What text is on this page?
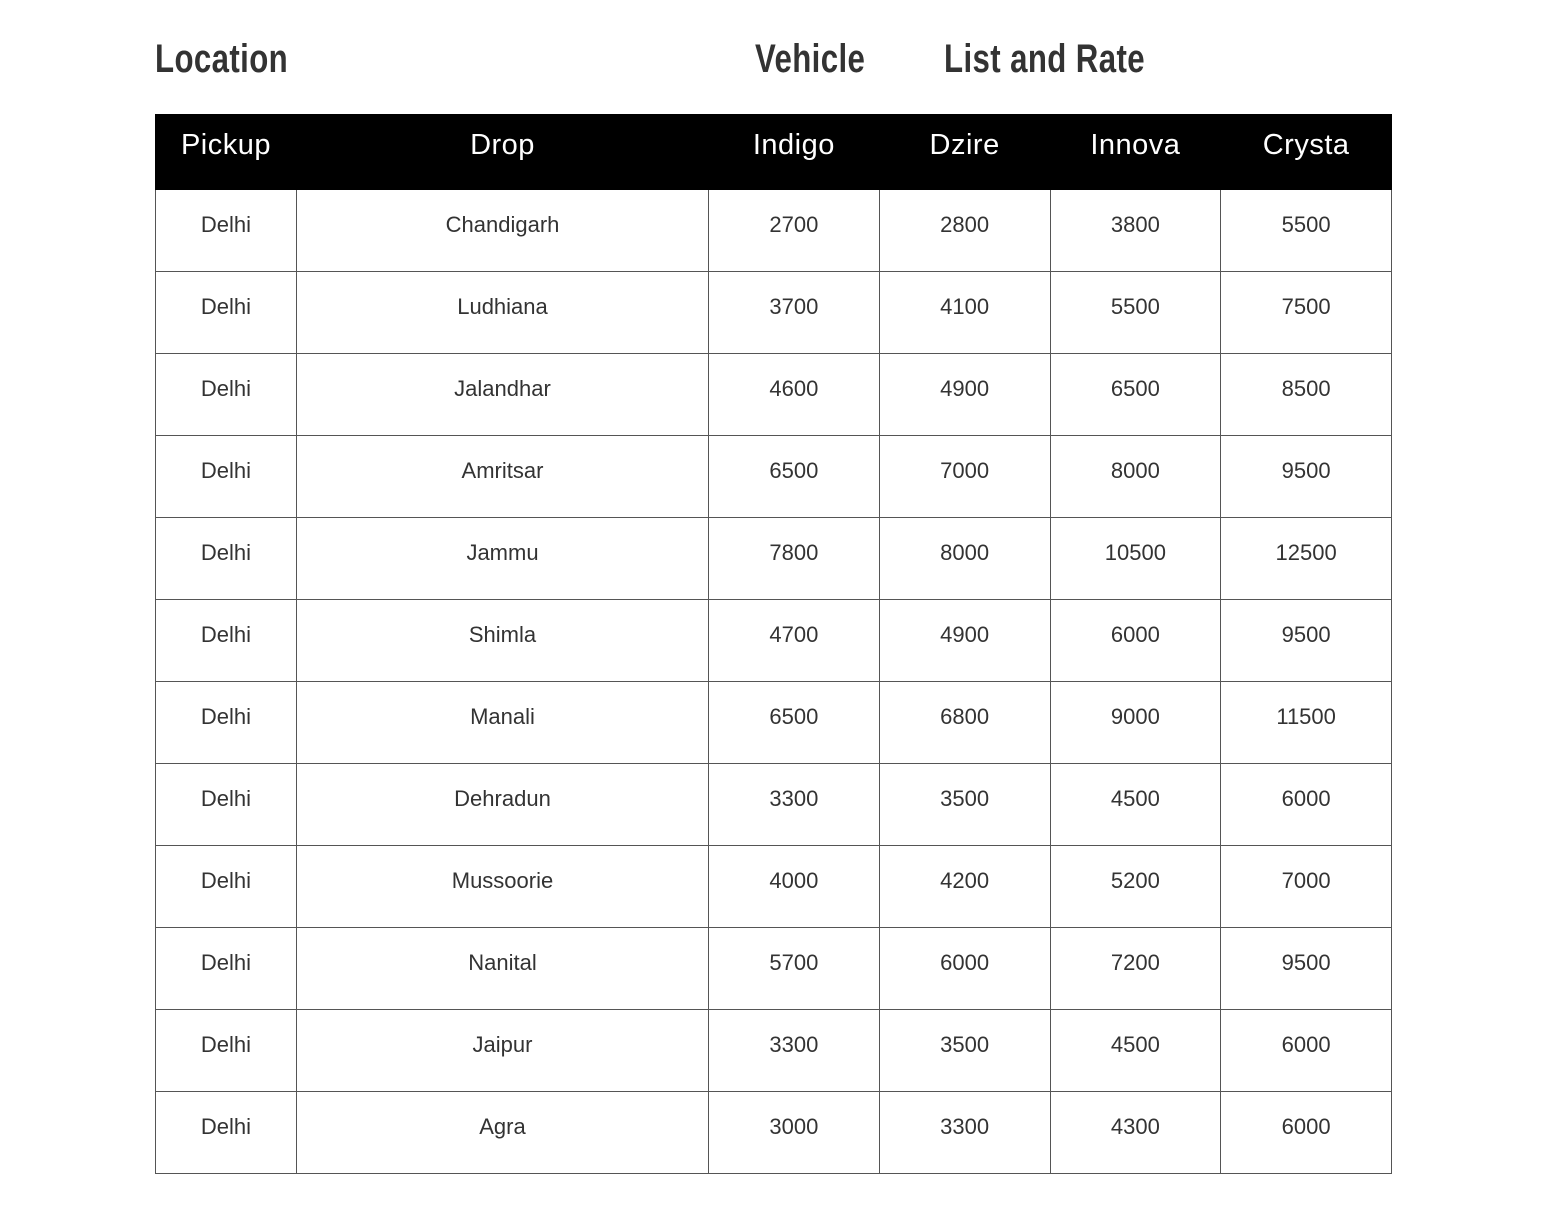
Location	Vehicle List and Rate
Pickup	Drop	Indigo	Dzire	Innova	Crysta
Delhi	Chandigarh	2700	2800	3800	5500
Delhi	Ludhiana	3700	4100	5500	7500
Delhi	Jalandhar	4600	4900	6500	8500
Delhi	Amritsar	6500	7000	8000	9500
Delhi	Jammu	7800	8000	10500	12500
Delhi	Shimla	4700	4900	6000	9500
Delhi	Manali	6500	6800	9000	11500
Delhi	Dehradun	3300	3500	4500	6000
Delhi	Mussoorie	4000	4200	5200	7000
Delhi	Nanital	5700	6000	7200	9500
Delhi	Jaipur	3300	3500	4500	6000
Delhi	Agra	3000	3300	4300	6000
